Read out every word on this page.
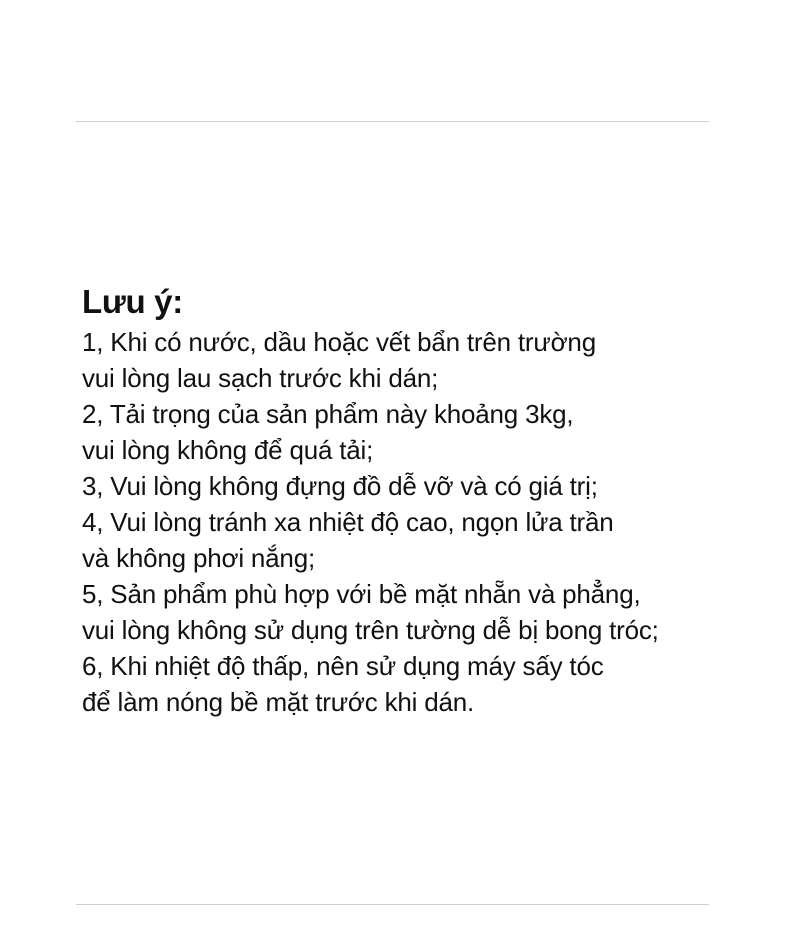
Lưu ý:
1, Khi có nước, dầu hoặc vết bẩn trên trường
vui lòng lau sạch trước khi dán;
2, Tải trọng của sản phẩm này khoảng 3kg,
vui lòng không để quá tải;
3, Vui lòng không đựng đồ dễ vỡ và có giá trị;
4, Vui lòng tránh xa nhiệt độ cao, ngọn lửa trần
và không phơi nắng;
5, Sản phẩm phù hợp với bề mặt nhẵn và phẳng,
vui lòng không sử dụng trên tường dễ bị bong tróc;
6, Khi nhiệt độ thấp, nên sử dụng máy sấy tóc
để làm nóng bề mặt trước khi dán.
